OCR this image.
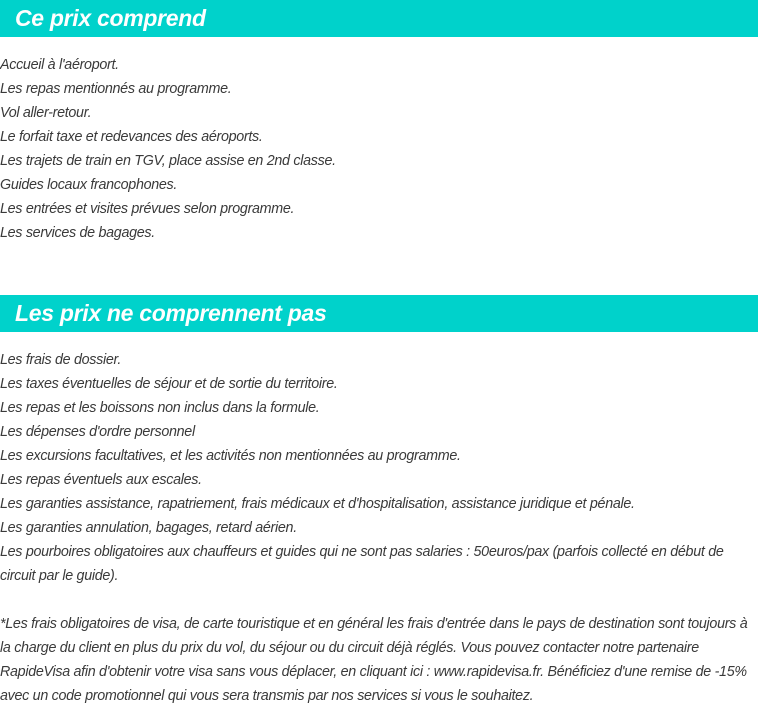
Ce prix comprend
Accueil à l'aéroport.
Les repas mentionnés au programme.
Vol aller-retour.
Le forfait taxe et redevances des aéroports.
Les trajets de train en TGV, place assise en 2nd classe.
Guides locaux francophones.
Les entrées et visites prévues selon programme.
Les services de bagages.
Les prix ne comprennent pas
Les frais de dossier.
Les taxes éventuelles de séjour et de sortie du territoire.
Les repas et les boissons non inclus dans la formule.
Les dépenses d'ordre personnel
Les excursions facultatives, et les activités non mentionnées au programme.
Les repas éventuels aux escales.
Les garanties assistance, rapatriement, frais médicaux et d'hospitalisation, assistance juridique et pénale.
Les garanties annulation, bagages, retard aérien.
Les pourboires obligatoires aux chauffeurs et guides qui ne sont pas salaries : 50euros/pax (parfois collecté en début de circuit par le guide).

*Les frais obligatoires de visa, de carte touristique et en général les frais d'entrée dans le pays de destination sont toujours à la charge du client en plus du prix du vol, du séjour ou du circuit déjà réglés. Vous pouvez contacter notre partenaire RapideVisa afin d'obtenir votre visa sans vous déplacer, en cliquant ici : www.rapidevisa.fr. Bénéficiez d'une remise de -15% avec un code promotionnel qui vous sera transmis par nos services si vous le souhaitez.
